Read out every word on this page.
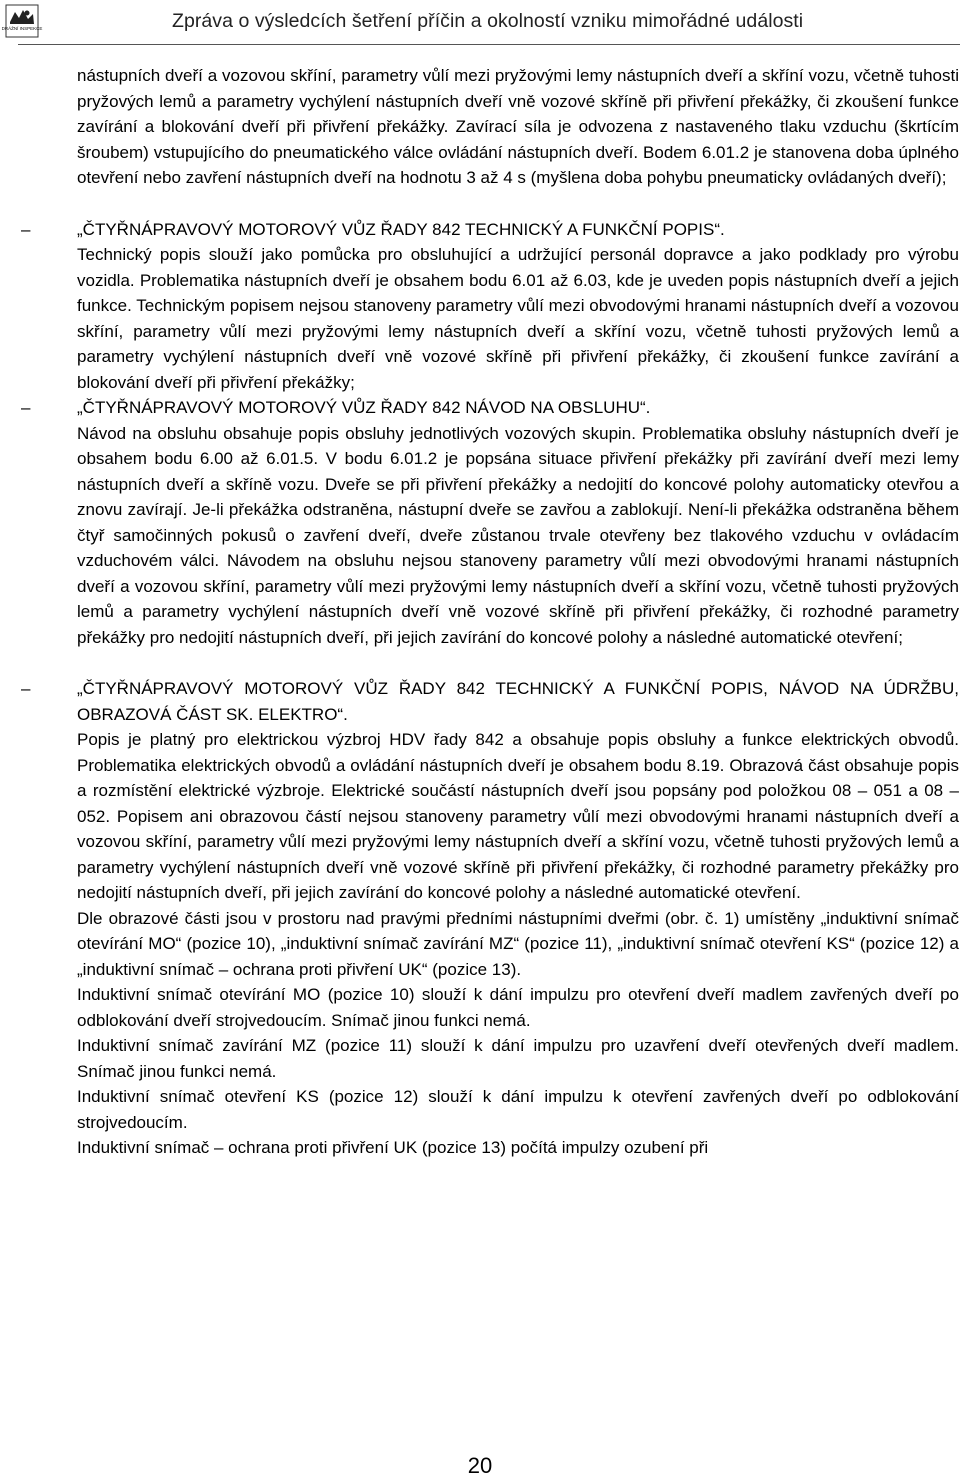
DRÁŽNÍ INSPEKCE	Zpráva o výsledcích šetření příčin a okolností vzniku mimořádné události

nástupních dveří a vozovou skříní, parametry vůlí mezi pryžovými lemy nástupních dveří a skříní vozu, včetně tuhosti pryžových lemů a parametry vychýlení nástupních dveří vně vozové skříně při přivření překážky, či zkoušení funkce zavírání a blokování dveří při přivření překážky. Zavírací síla je odvozena z nastaveného tlaku vzduchu (škrtícím šroubem) vstupujícího do pneumatického válce ovládání nástupních dveří. Bodem 6.01.2 je stanovena doba úplného otevření nebo zavření nástupních dveří na hodnotu 3 až 4 s (myšlena doba pohybu pneumaticky ovládaných dveří);

–	„ČTYŘNÁPRAVOVÝ MOTOROVÝ VŮZ ŘADY 842 TECHNICKÝ A FUNKČNÍ POPIS“.

Technický popis slouží jako pomůcka pro obsluhující a udržující personál dopravce a jako podklady pro výrobu vozidla. Problematika nástupních dveří je obsahem bodu 6.01 až 6.03, kde je uveden popis nástupních dveří a jejich funkce. Technickým popisem nejsou stanoveny parametry vůlí mezi obvodovými hranami nástupních dveří a vozovou skříní, parametry vůlí mezi pryžovými lemy nástupních dveří a skříní vozu, včetně tuhosti pryžových lemů a parametry vychýlení nástupních dveří vně vozové skříně při přivření překážky, či zkoušení funkce zavírání a blokování dveří při přivření překážky;

–	„ČTYŘNÁPRAVOVÝ MOTOROVÝ VŮZ ŘADY 842 NÁVOD NA OBSLUHU“.

Návod na obsluhu obsahuje popis obsluhy jednotlivých vozových skupin. Problematika obsluhy nástupních dveří je obsahem bodu 6.00 až 6.01.5. V bodu 6.01.2 je popsána situace přivření překážky při zavírání dveří mezi lemy nástupních dveří a skříně vozu. Dveře se při přivření překážky a nedojití do koncové polohy automaticky otevřou a znovu zavírají. Je-li překážka odstraněna, nástupní dveře se zavřou a zablokují. Není-li překážka odstraněna během čtyř samočinných pokusů o zavření dveří, dveře zůstanou trvale otevřeny bez tlakového vzduchu v ovládacím vzduchovém válci. Návodem na obsluhu nejsou stanoveny parametry vůlí mezi obvodovými hranami nástupních dveří a vozovou skříní, parametry vůlí mezi pryžovými lemy nástupních dveří a skříní vozu, včetně tuhosti pryžových lemů a parametry vychýlení nástupních dveří vně vozové skříně při přivření překážky, či rozhodné parametry překážky pro nedojití nástupních dveří, při jejich zavírání do koncové polohy a následné automatické otevření;

–	„ČTYŘNÁPRAVOVÝ MOTOROVÝ VŮZ ŘADY 842 TECHNICKÝ A FUNKČNÍ POPIS, NÁVOD NA ÚDRŽBU, OBRAZOVÁ ČÁST SK. ELEKTRO“.

Popis je platný pro elektrickou výzbroj HDV řady 842 a obsahuje popis obsluhy a funkce elektrických obvodů. Problematika elektrických obvodů a ovládání nástupních dveří je obsahem bodu 8.19. Obrazová část obsahuje popis a rozmístění elektrické výzbroje. Elektrické součástí nástupních dveří jsou popsány pod položkou 08 – 051 a 08 – 052. Popisem ani obrazovou částí nejsou stanoveny parametry vůlí mezi obvodovými hranami nástupních dveří a vozovou skříní, parametry vůlí mezi pryžovými lemy nástupních dveří a skříní vozu, včetně tuhosti pryžových lemů a parametry vychýlení nástupních dveří vně vozové skříně při přivření překážky, či rozhodné parametry překážky pro nedojití nástupních dveří, při jejich zavírání do koncové polohy a následné automatické otevření.

Dle obrazové části jsou v prostoru nad pravými předními nástupními dveřmi (obr. č. 1) umístěny „induktivní snímač otevírání MO“ (pozice 10), „induktivní snímač zavírání MZ“ (pozice 11), „induktivní snímač otevření KS“ (pozice 12) a „induktivní snímač – ochrana proti přivření UK“ (pozice 13).

Induktivní snímač otevírání MO (pozice 10) slouží k dání impulzu pro otevření dveří madlem zavřených dveří po odblokování dveří strojvedoucím. Snímač jinou funkci nemá.

Induktivní snímač zavírání MZ (pozice 11) slouží k dání impulzu pro uzavření dveří otevřených dveří madlem. Snímač jinou funkci nemá.

Induktivní snímač otevření KS (pozice 12) slouží k dání impulzu k otevření zavřených dveří po odblokování strojvedoucím.

Induktivní snímač – ochrana proti přivření UK (pozice 13) počítá impulzy ozubení při

20
